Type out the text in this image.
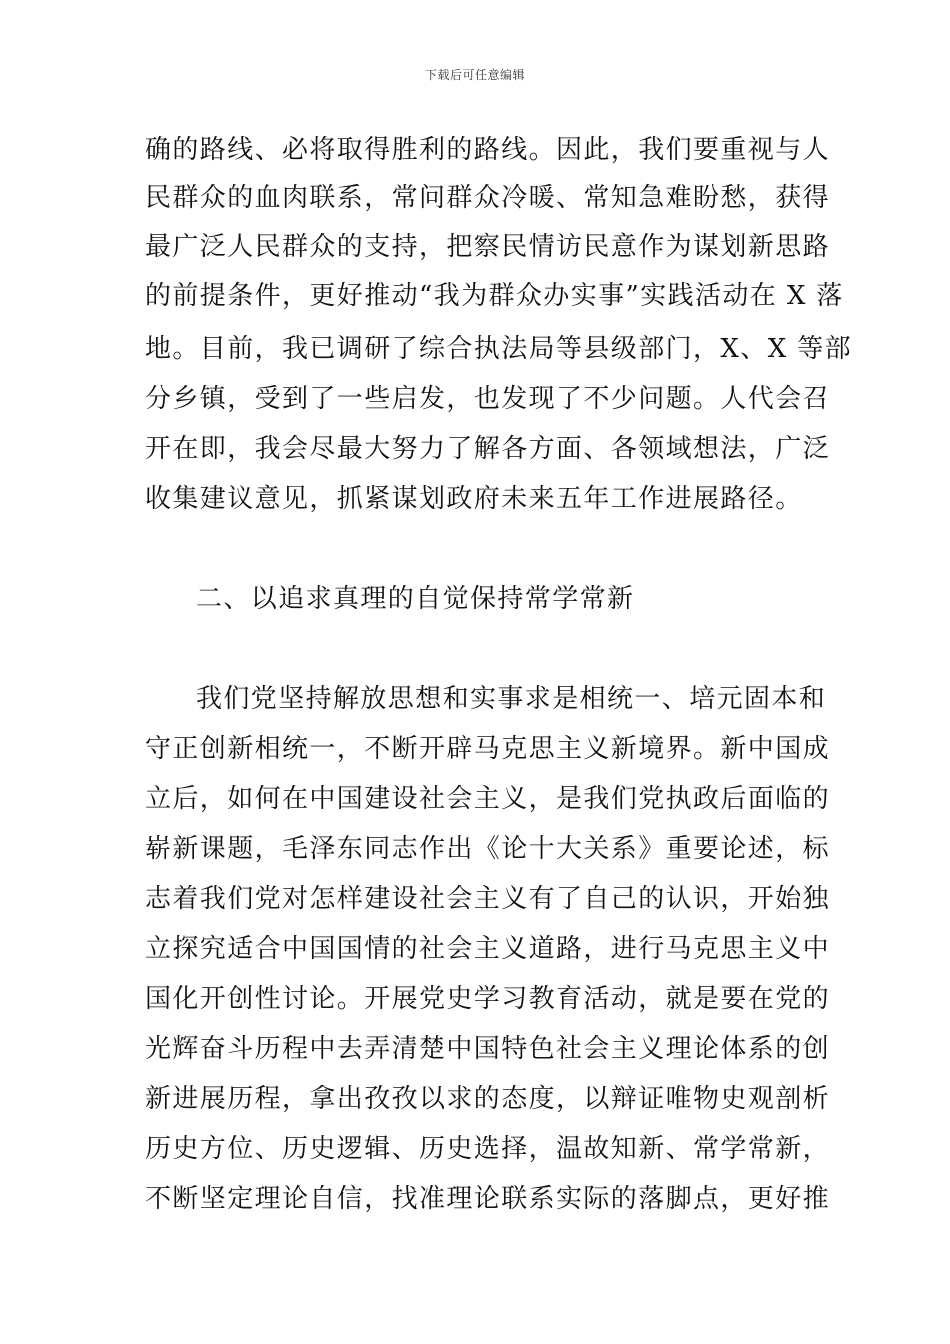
下载后可任意编辑
确的路线、必将取得胜利的路线。因此，我们要重视与人
民群众的血肉联系，常问群众冷暖、常知急难盼愁，获得
最广泛人民群众的支持，把察民情访民意作为谋划新思路
的前提条件，更好推动“我为群众办实事”实践活动在 X 落
地。目前，我已调研了综合执法局等县级部门，X、X 等部
分乡镇，受到了一些启发，也发现了不少问题。人代会召
开在即，我会尽最大努力了解各方面、各领域想法，广泛
收集建议意见，抓紧谋划政府未来五年工作进展路径。
二、以追求真理的自觉保持常学常新
我们党坚持解放思想和实事求是相统一、培元固本和
守正创新相统一，不断开辟马克思主义新境界。新中国成
立后，如何在中国建设社会主义，是我们党执政后面临的
崭新课题，毛泽东同志作出《论十大关系》重要论述，标
志着我们党对怎样建设社会主义有了自己的认识，开始独
立探究适合中国国情的社会主义道路，进行马克思主义中
国化开创性讨论。开展党史学习教育活动，就是要在党的
光辉奋斗历程中去弄清楚中国特色社会主义理论体系的创
新进展历程，拿出孜孜以求的态度，以辩证唯物史观剖析
历史方位、历史逻辑、历史选择，温故知新、常学常新，
不断坚定理论自信，找准理论联系实际的落脚点，更好推
